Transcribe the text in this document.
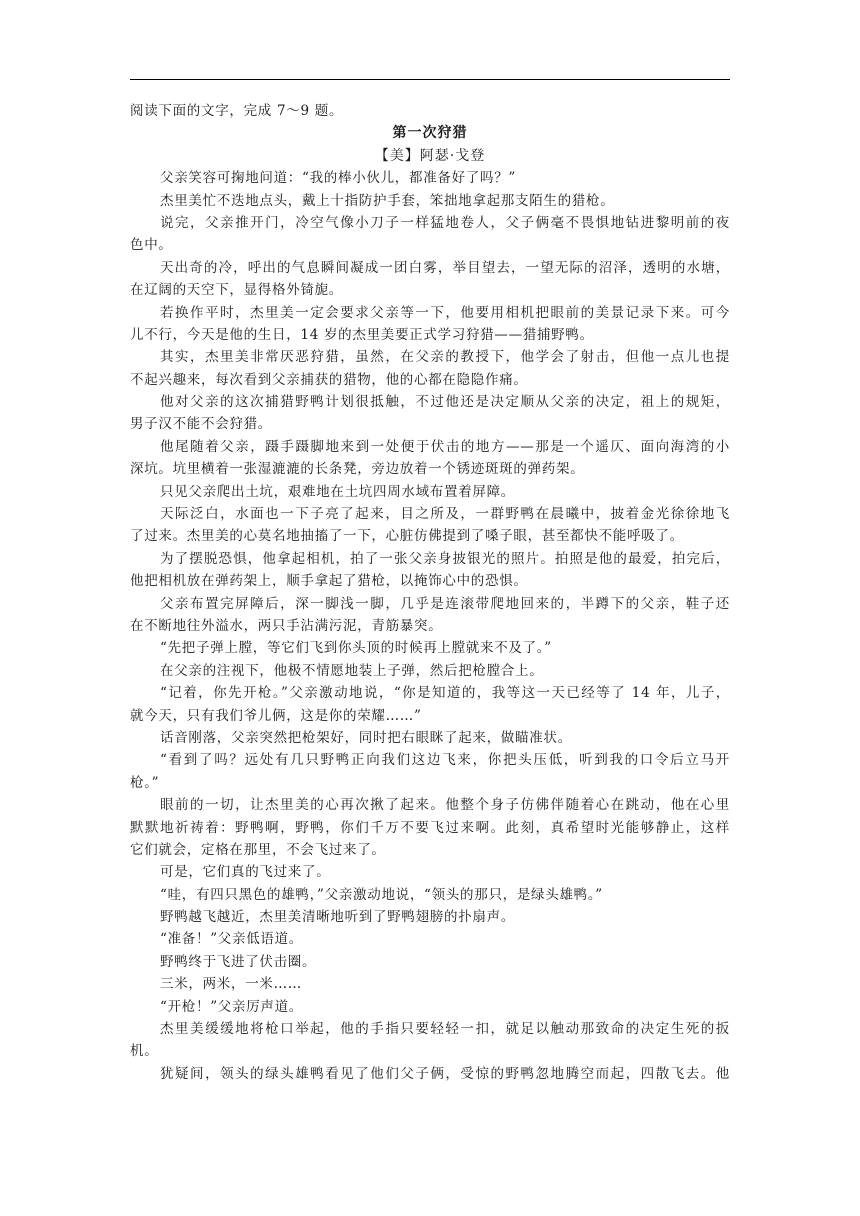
阅读下面的文字，完成 7～9 题。
第一次狩猎
【美】阿瑟·戈登
父亲笑容可掬地问道：“我的棒小伙儿，都准备好了吗？”
杰里美忙不迭地点头，戴上十指防护手套，笨拙地拿起那支陌生的猎枪。
说完，父亲推开门，冷空气像小刀子一样猛地卷人，父子俩毫不畏惧地钻进黎明前的夜
色中。
天出奇的冷，呼出的气息瞬间凝成一团白雾，举目望去，一望无际的沼泽，透明的水塘，
在辽阔的天空下，显得格外锜旎。
若换作平时，杰里美一定会要求父亲等一下，他要用相机把眼前的美景记录下来。可今
儿不行，今天是他的生日，14 岁的杰里美要正式学习狩猎——猎捕野鸭。
其实，杰里美非常厌恶狩猎，虽然，在父亲的教授下，他学会了射击，但他一点儿也提
不起兴趣来，每次看到父亲捕获的猎物，他的心都在隐隐作痛。
他对父亲的这次捕猎野鸭计划很抵触，不过他还是决定顺从父亲的决定，祖上的规矩，
男子汉不能不会狩猎。
他尾随着父亲，蹑手蹑脚地来到一处便于伏击的地方——那是一个遥仄、面向海湾的小
深坑。坑里横着一张湿漉漉的长条凳，旁边放着一个锈迹斑斑的弹药架。
只见父亲爬出土坑，艰难地在土坑四周水域布置着屏障。
天际泛白，水面也一下子亮了起来，目之所及，一群野鸭在晨曦中，披着金光徐徐地飞
了过来。杰里美的心莫名地抽搐了一下，心脏仿佛提到了嗓子眼，甚至都快不能呼吸了。
为了摆脱恐惧，他拿起相机，拍了一张父亲身披银光的照片。拍照是他的最爱，拍完后，
他把相机放在弹药架上，顺手拿起了猎枪，以掩饰心中的恐惧。
父亲布置完屏障后，深一脚浅一脚，几乎是连滚带爬地回来的，半蹲下的父亲，鞋子还
在不断地往外溢水，两只手沾满污泥，青筋暴突。
“先把子弹上膛，等它们飞到你头顶的时候再上膛就来不及了。”
在父亲的注视下，他极不情愿地装上子弹，然后把枪膛合上。
“记着，你先开枪。”父亲激动地说，“你是知道的，我等这一天已经等了 14 年，儿子，
就今天，只有我们爷儿俩，这是你的荣耀……”
话音刚落，父亲突然把枪架好，同时把右眼眯了起来，做瞄准状。
“看到了吗？远处有几只野鸭正向我们这边飞来，你把头压低，听到我的口令后立马开
枪。”
眼前的一切，让杰里美的心再次揪了起来。他整个身子仿佛伴随着心在跳动，他在心里
默默地祈祷着：野鸭啊，野鸭，你们千万不要飞过来啊。此刻，真希望时光能够静止，这样
它们就会，定格在那里，不会飞过来了。
可是，它们真的飞过来了。
“哇，有四只黑色的雄鸭，”父亲激动地说，“领头的那只，是绿头雄鸭。”
野鸭越飞越近，杰里美清晰地听到了野鸭翅膀的扑扇声。
“准备！”父亲低语道。
野鸭终于飞进了伏击圈。
三米，两米，一米……
“开枪！”父亲厉声道。
杰里美缓缓地将枪口举起，他的手指只要轻轻一扣，就足以触动那致命的决定生死的扳
机。
犹疑间，领头的绿头雄鸭看见了他们父子俩，受惊的野鸭忽地腾空而起，四散飞去。他
